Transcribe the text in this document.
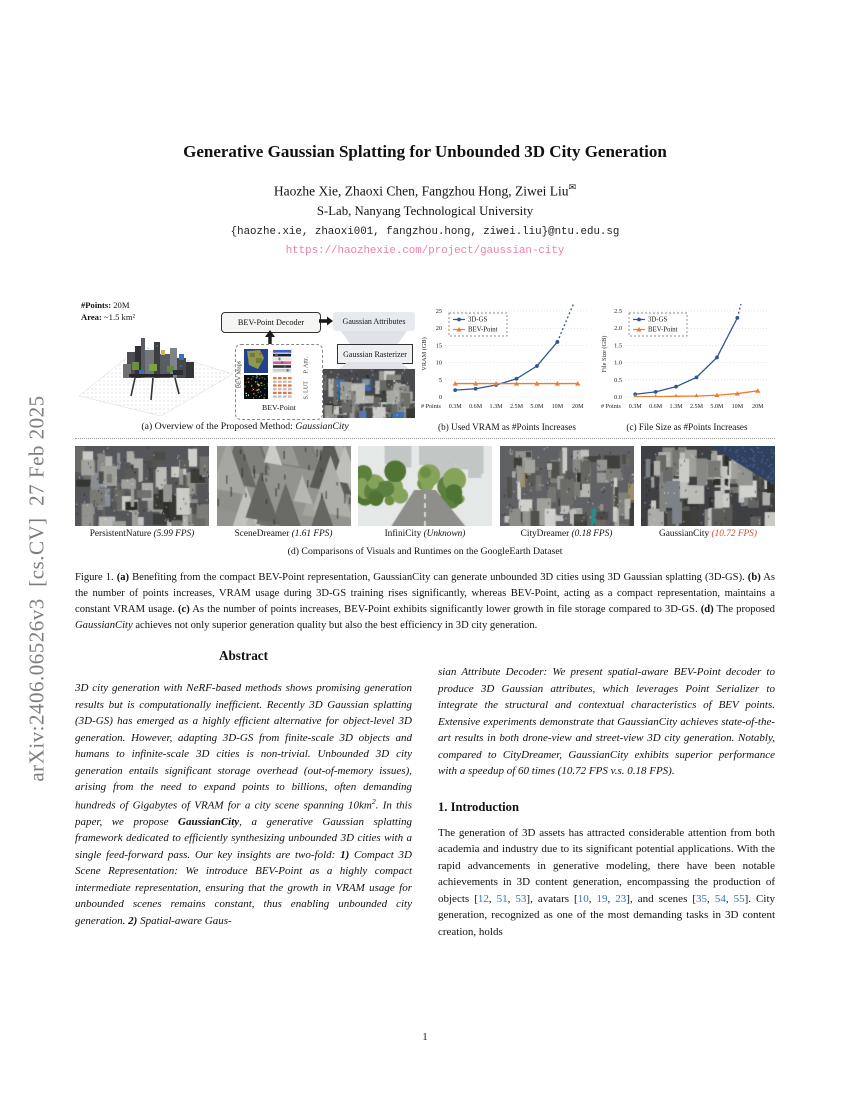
arXiv:2406.06526v3  [cs.CV]  27 Feb 2025
Generative Gaussian Splatting for Unbounded 3D City Generation
Haozhe Xie, Zhaoxi Chen, Fangzhou Hong, Ziwei Liu✉
S-Lab, Nanyang Technological University
{haozhe.xie, zhaoxi001, fangzhou.hong, ziwei.liu}@ntu.edu.sg
https://haozhexie.com/project/gaussian-city
#Points: 20M
Area: ~1.5 km²
BEV-Point Decoder	Gaussian Attributes
Gaussian Rasterizer
BEV Maps	P. Attr.
S. LUT
BEV-Point
(a) Overview of the Proposed Method: GaussianCity
0
5
10
15
20
25
0.3M 0.6M 1.3M 2.5M 5.0M 10M 20M
# Points
VRAM (GB)
3D-GS
BEV-Point
(b) Used VRAM as #Points Increases
0.0
0.5
1.0
1.5
2.0
2.5
0.3M 0.6M 1.3M 2.5M 5.0M 10M 20M
# Points
File Size (GB)
3D-GS
BEV-Point
(c) File Size as #Points Increases
PersistentNature (5.99 FPS)	SceneDreamer (1.61 FPS)	InfiniCity (Unknown)	CityDreamer (0.18 FPS)	GaussianCity (10.72 FPS)
(d) Comparisons of Visuals and Runtimes on the GoogleEarth Dataset
Figure 1. (a) Benefiting from the compact BEV-Point representation, GaussianCity can generate unbounded 3D cities using 3D Gaussian splatting (3D-GS). (b) As the number of points increases, VRAM usage during 3D-GS training rises significantly, whereas BEV-Point, acting as a compact representation, maintains a constant VRAM usage. (c) As the number of points increases, BEV-Point exhibits significantly lower growth in file storage compared to 3D-GS. (d) The proposed GaussianCity achieves not only superior generation quality but also the best efficiency in 3D city generation.
Abstract

3D city generation with NeRF-based methods shows promising generation results but is computationally inefficient. Recently 3D Gaussian splatting (3D-GS) has emerged as a highly efficient alternative for object-level 3D generation. However, adapting 3D-GS from finite-scale 3D objects and humans to infinite-scale 3D cities is non-trivial. Unbounded 3D city generation entails significant storage overhead (out-of-memory issues), arising from the need to expand points to billions, often demanding hundreds of Gigabytes of VRAM for a city scene spanning $10km^2$. In this paper, we propose GaussianCity, a generative Gaussian splatting framework dedicated to efficiently synthesizing unbounded 3D cities with a single feed-forward pass. Our key insights are two-fold: 1) Compact 3D Scene Representation: We introduce BEV-Point as a highly compact intermediate representation, ensuring that the growth in VRAM usage for unbounded scenes remains constant, thus enabling unbounded city generation. 2) Spatial-aware Gaus-

sian Attribute Decoder: We present spatial-aware BEV-Point decoder to produce 3D Gaussian attributes, which leverages Point Serializer to integrate the structural and contextual characteristics of BEV points. Extensive experiments demonstrate that GaussianCity achieves state-of-the-art results in both drone-view and street-view 3D city generation. Notably, compared to CityDreamer, GaussianCity exhibits superior performance with a speedup of 60 times (10.72 FPS v.s. 0.18 FPS).

1. Introduction

The generation of 3D assets has attracted considerable attention from both academia and industry due to its significant potential applications. With the rapid advancements in generative modeling, there have been notable achievements in 3D content generation, encompassing the production of objects [12, 51, 53], avatars [10, 19, 23], and scenes [35, 54, 55]. City generation, recognized as one of the most demanding tasks in 3D content creation, holds

1
